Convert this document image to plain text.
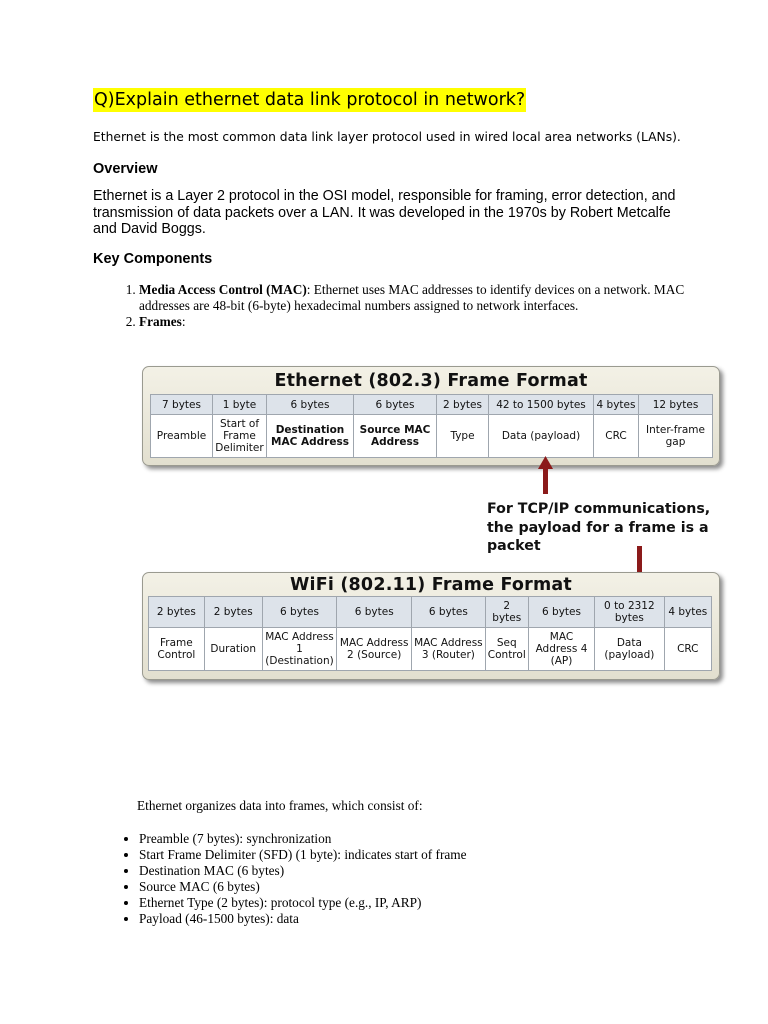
Q)Explain ethernet data link protocol in network?

Ethernet is the most common data link layer protocol used in wired local area networks (LANs).

Overview

Ethernet is a Layer 2 protocol in the OSI model, responsible for framing, error detection, and transmission of data packets over a LAN. It was developed in the 1970s by Robert Metcalfe and David Boggs.

Key Components
1. Media Access Control (MAC): Ethernet uses MAC addresses to identify devices on a network. MAC addresses are 48-bit (6-byte) hexadecimal numbers assigned to network interfaces.
2. Frames:
Ethernet (802.3) Frame Format
7 bytes	1 byte	6 bytes	6 bytes	2 bytes	42 to 1500 bytes	4 bytes	12 bytes
Preamble	Start of Frame Delimiter	Destination MAC Address	Source MAC Address	Type	Data (payload)	CRC	Inter-frame gap
WiFi (802.11) Frame Format
2 bytes	2 bytes	6 bytes	6 bytes	6 bytes	2 bytes	6 bytes	0 to 2312 bytes	4 bytes
Frame Control	Duration	MAC Address 1 (Destination)	MAC Address 2 (Source)	MAC Address 3 (Router)	Seq Control	MAC Address 4 (AP)	Data (payload)	CRC

For TCP/IP communications, the payload for a frame is a packet

Ethernet organizes data into frames, which consist of:

• Preamble (7 bytes): synchronization
• Start Frame Delimiter (SFD) (1 byte): indicates start of frame
• Destination MAC (6 bytes)
• Source MAC (6 bytes)
• Ethernet Type (2 bytes): protocol type (e.g., IP, ARP)
• Payload (46-1500 bytes): data
